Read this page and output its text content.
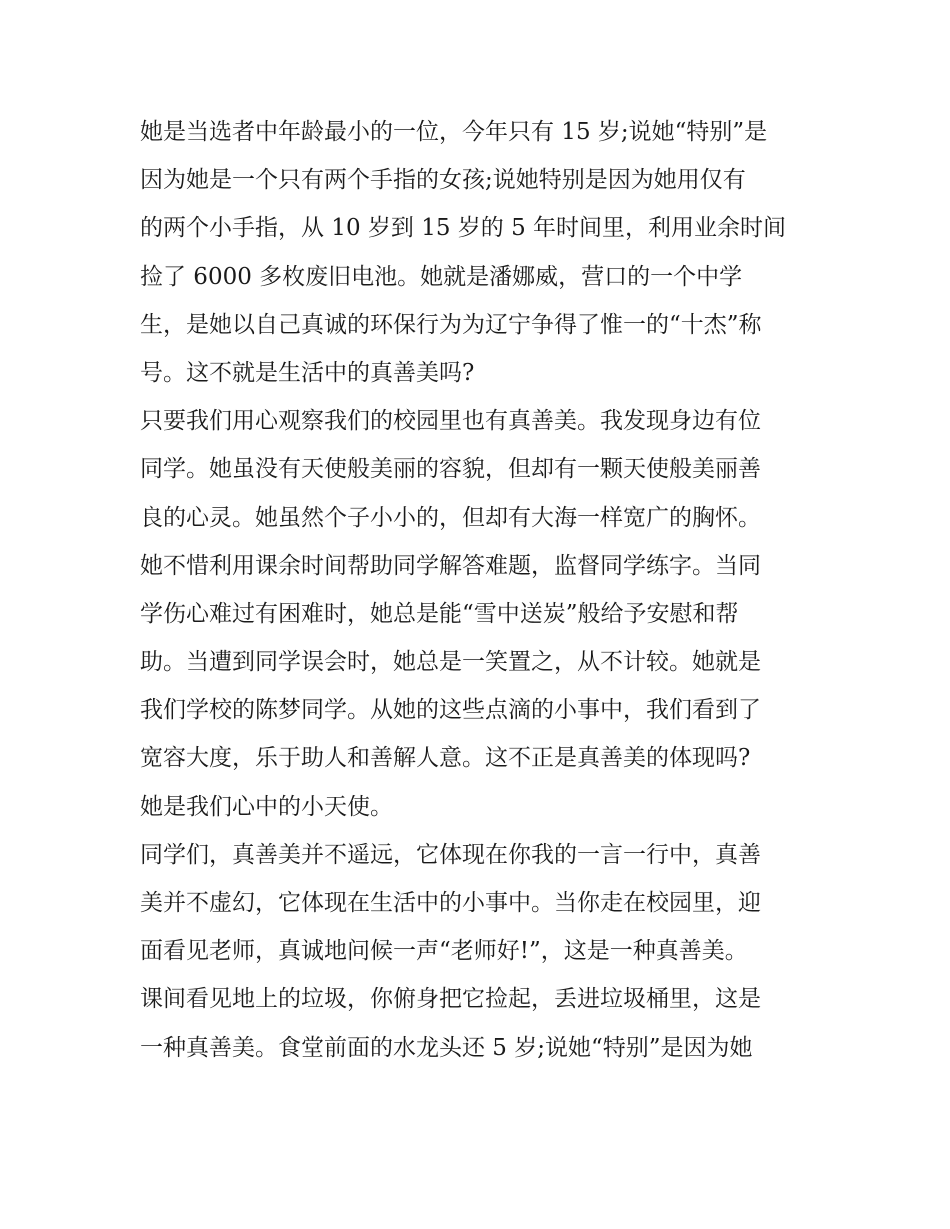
她是当选者中年龄最小的一位，今年只有 15 岁;说她“特别”是
因为她是一个只有两个手指的女孩;说她特别是因为她用仅有
的两个小手指，从 10 岁到 15 岁的 5 年时间里，利用业余时间
捡了 6000 多枚废旧电池。她就是潘娜威，营口的一个中学
生，是她以自己真诚的环保行为为辽宁争得了惟一的“十杰”称
号。这不就是生活中的真善美吗?
只要我们用心观察我们的校园里也有真善美。我发现身边有位
同学。她虽没有天使般美丽的容貌，但却有一颗天使般美丽善
良的心灵。她虽然个子小小的，但却有大海一样宽广的胸怀。
她不惜利用课余时间帮助同学解答难题，监督同学练字。当同
学伤心难过有困难时，她总是能“雪中送炭”般给予安慰和帮
助。当遭到同学误会时，她总是一笑置之，从不计较。她就是
我们学校的陈梦同学。从她的这些点滴的小事中，我们看到了
宽容大度，乐于助人和善解人意。这不正是真善美的体现吗?
她是我们心中的小天使。
同学们，真善美并不遥远，它体现在你我的一言一行中，真善
美并不虚幻，它体现在生活中的小事中。当你走在校园里，迎
面看见老师，真诚地问候一声“老师好!”，这是一种真善美。
课间看见地上的垃圾，你俯身把它捡起，丢进垃圾桶里，这是
一种真善美。食堂前面的水龙头还 5 岁;说她“特别”是因为她
